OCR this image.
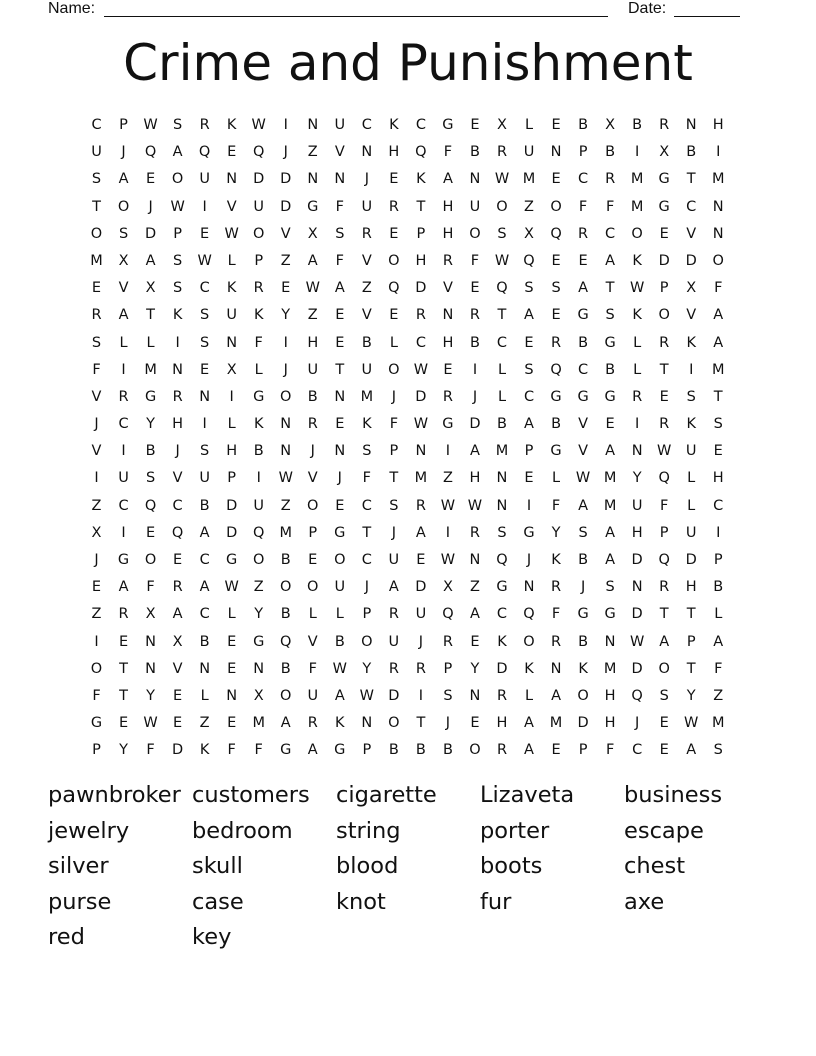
Name:	Date:
Crime and Punishment
C	P	W	S	R	K	W	I	N	U	C	K	C	G	E	X	L	E	B	X	B	R	N	H
U	J	Q	A	Q	E	Q	J	Z	V	N	H	Q	F	B	R	U	N	P	B	I	X	B	I
S	A	E	O	U	N	D	D	N	N	J	E	K	A	N W M	E	C	R	M	G	T	M
T	O	J	W	I	V	U	D	G	F	U	R	T	H	U	O	Z	O	F	F	M	G	C	N
O	S	D	P	E	W O	V	X	S	R	E	P	H	O	S	X	Q	R	C	O	E	V	N
M	X	A	S	W	L	P	Z	A	F	V	O	H	R	F	W Q	E	E	A	K	D	D	O
E	V	X	S	C	K	R	E	W	A	Z	Q	D	V	E	Q	S	S	A	T	W	P	X	F
R	A	T	K	S	U	K	Y	Z	E	V	E	R	N	R	T	A	E	G	S	K	O	V	A
S	L	L	I	S	N	F	I	H	E	B	L	C	H	B	C	E	R	B	G	L	R	K	A
F	I	M	N	E	X	L	J	U	T	U	O W	E	I	L	S	Q	C	B	L	T	I	M
V	R	G	R	N	I	G	O	B	N	M	J	D	R	J	L	C	G	G	G	R	E	S	T
J	C	Y	H	I	L	K	N	R	E	K	F	W G	D	B	A	B	V	E	I	R	K	S
V	I	B	J	S	H	B	N	J	N	S	P	N	I	A	M	P	G	V	A	N W	U	E
I	U	S	V	U	P	I	W	V	J	F	T	M	Z	H	N	E	L	W M	Y	Q	L	H
Z	C	Q	C	B	D	U	Z	O	E	C	S	R	W W N	I	F	A	M	U	F	L	C
X	I	E	Q	A	D	Q	M	P	G	T	J	A	I	R	S	G	Y	S	A	H	P	U	I
J	G	O	E	C	G	O	B	E	O	C	U	E	W N	Q	J	K	B	A	D	Q	D	P
E	A	F	R	A	W	Z	O	O	U	J	A	D	X	Z	G	N	R	J	S	N	R	H	B
Z	R	X	A	C	L	Y	B	L	L	P	R	U	Q	A	C	Q	F	G	G	D	T	T	L
I	E	N	X	B	E	G	Q	V	B	O	U	J	R	E	K	O	R	B	N W	A	P	A
O	T	N	V	N	E	N	B	F	W	Y	R	R	P	Y	D	K	N	K	M	D	O	T	F
F	T	Y	E	L	N	X	O	U	A	W D	I	S	N	R	L	A	O	H	Q	S	Y	Z
G	E	W	E	Z	E	M	A	R	K	N	O	T	J	E	H	A	M	D	H	J	E	W M
P	Y	F	D	K	F	F	G	A	G	P	B	B	B	O	R	A	E	P	F	C	E	A	S
pawnbroker customers	cigarette	Lizaveta	business
jewelry	bedroom	string	porter	escape
silver	skull	blood	boots	chest
purse	case	knot	fur	axe
red	key
